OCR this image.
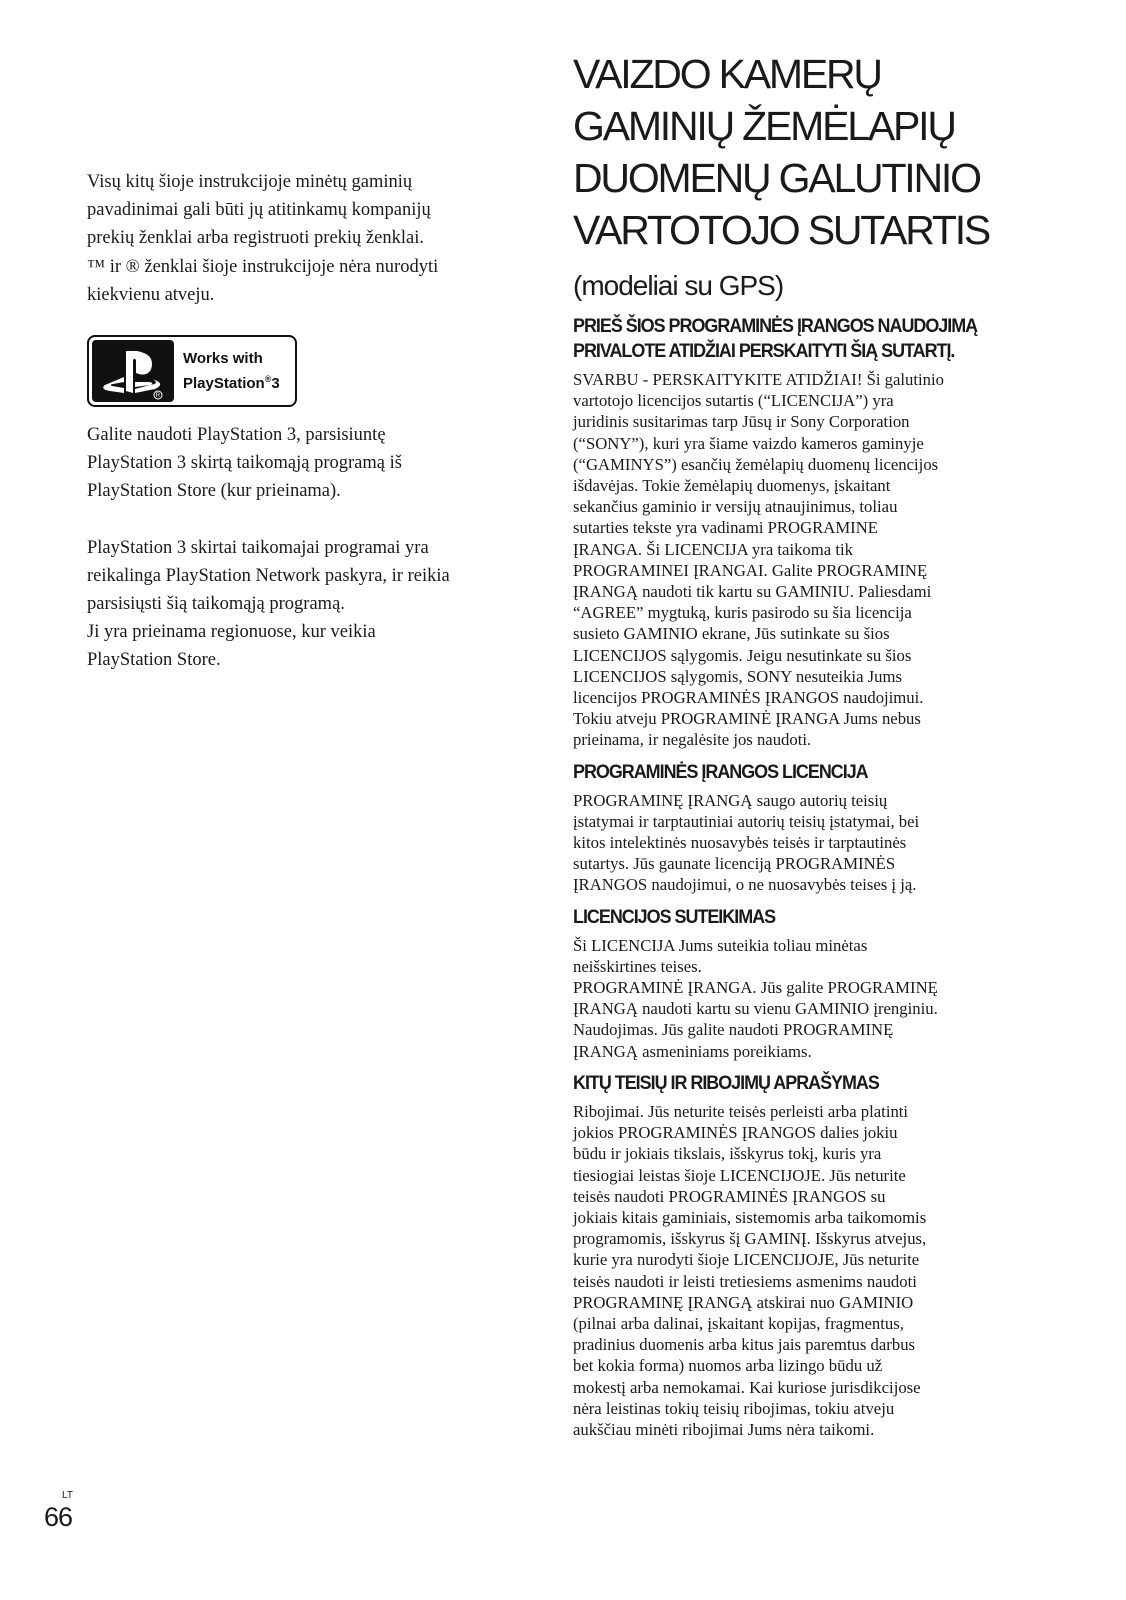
Visų kitų šioje instrukcijoje minėtų gaminių
pavadinimai gali būti jų atitinkamų kompanijų
prekių ženklai arba registruoti prekių ženklai.
™ ir ® ženklai šioje instrukcijoje nėra nurodyti
kiekvienu atveju.

R
Works with
PlayStation®3

Galite naudoti PlayStation 3, parsisiuntę
PlayStation 3 skirtą taikomąją programą iš
PlayStation Store (kur prieinama).

PlayStation 3 skirtai taikomajai programai yra
reikalinga PlayStation Network paskyra, ir reikia
parsisiųsti šią taikomąją programą.
Ji yra prieinama regionuose, kur veikia
PlayStation Store.

VAIZDO KAMERŲ
GAMINIŲ ŽEMĖLAPIŲ
DUOMENŲ GALUTINIO
VARTOTOJO SUTARTIS

(modeliai su GPS)

PRIEŠ ŠIOS PROGRAMINĖS ĮRANGOS NAUDOJIMĄ
PRIVALOTE ATIDŽIAI PERSKAITYTI ŠIĄ SUTARTĮ.

SVARBU - PERSKAITYKITE ATIDŽIAI! Ši galutinio
vartotojo licencijos sutartis (“LICENCIJA”) yra
juridinis susitarimas tarp Jūsų ir Sony Corporation
(“SONY”), kuri yra šiame vaizdo kameros gaminyje
(“GAMINYS”) esančių žemėlapių duomenų licencijos
išdavėjas. Tokie žemėlapių duomenys, įskaitant
sekančius gaminio ir versijų atnaujinimus, toliau
sutarties tekste yra vadinami PROGRAMINE
ĮRANGA. Ši LICENCIJA yra taikoma tik
PROGRAMINEI ĮRANGAI. Galite PROGRAMINĘ
ĮRANGĄ naudoti tik kartu su GAMINIU. Paliesdami
“AGREE” mygtuką, kuris pasirodo su šia licencija
susieto GAMINIO ekrane, Jūs sutinkate su šios
LICENCIJOS sąlygomis. Jeigu nesutinkate su šios
LICENCIJOS sąlygomis, SONY nesuteikia Jums
licencijos PROGRAMINĖS ĮRANGOS naudojimui.
Tokiu atveju PROGRAMINĖ ĮRANGA Jums nebus
prieinama, ir negalėsite jos naudoti.

PROGRAMINĖS ĮRANGOS LICENCIJA

PROGRAMINĘ ĮRANGĄ saugo autorių teisių
įstatymai ir tarptautiniai autorių teisių įstatymai, bei
kitos intelektinės nuosavybės teisės ir tarptautinės
sutartys. Jūs gaunate licenciją PROGRAMINĖS
ĮRANGOS naudojimui, o ne nuosavybės teises į ją.

LICENCIJOS SUTEIKIMAS

Ši LICENCIJA Jums suteikia toliau minėtas
neišskirtines teises.
PROGRAMINĖ ĮRANGA. Jūs galite PROGRAMINĘ
ĮRANGĄ naudoti kartu su vienu GAMINIO įrenginiu.
Naudojimas. Jūs galite naudoti PROGRAMINĘ
ĮRANGĄ asmeniniams poreikiams.

KITŲ TEISIŲ IR RIBOJIMŲ APRAŠYMAS

Ribojimai. Jūs neturite teisės perleisti arba platinti
jokios PROGRAMINĖS ĮRANGOS dalies jokiu
būdu ir jokiais tikslais, išskyrus tokį, kuris yra
tiesiogiai leistas šioje LICENCIJOJE. Jūs neturite
teisės naudoti PROGRAMINĖS ĮRANGOS su
jokiais kitais gaminiais, sistemomis arba taikomomis
programomis, išskyrus šį GAMINĮ. Išskyrus atvejus,
kurie yra nurodyti šioje LICENCIJOJE, Jūs neturite
teisės naudoti ir leisti tretiesiems asmenims naudoti
PROGRAMINĘ ĮRANGĄ atskirai nuo GAMINIO
(pilnai arba dalinai, įskaitant kopijas, fragmentus,
pradinius duomenis arba kitus jais paremtus darbus
bet kokia forma) nuomos arba lizingo būdu už
mokestį arba nemokamai. Kai kuriose jurisdikcijose
nėra leistinas tokių teisių ribojimas, tokiu atveju
aukščiau minėti ribojimai Jums nėra taikomi.

LT
66
